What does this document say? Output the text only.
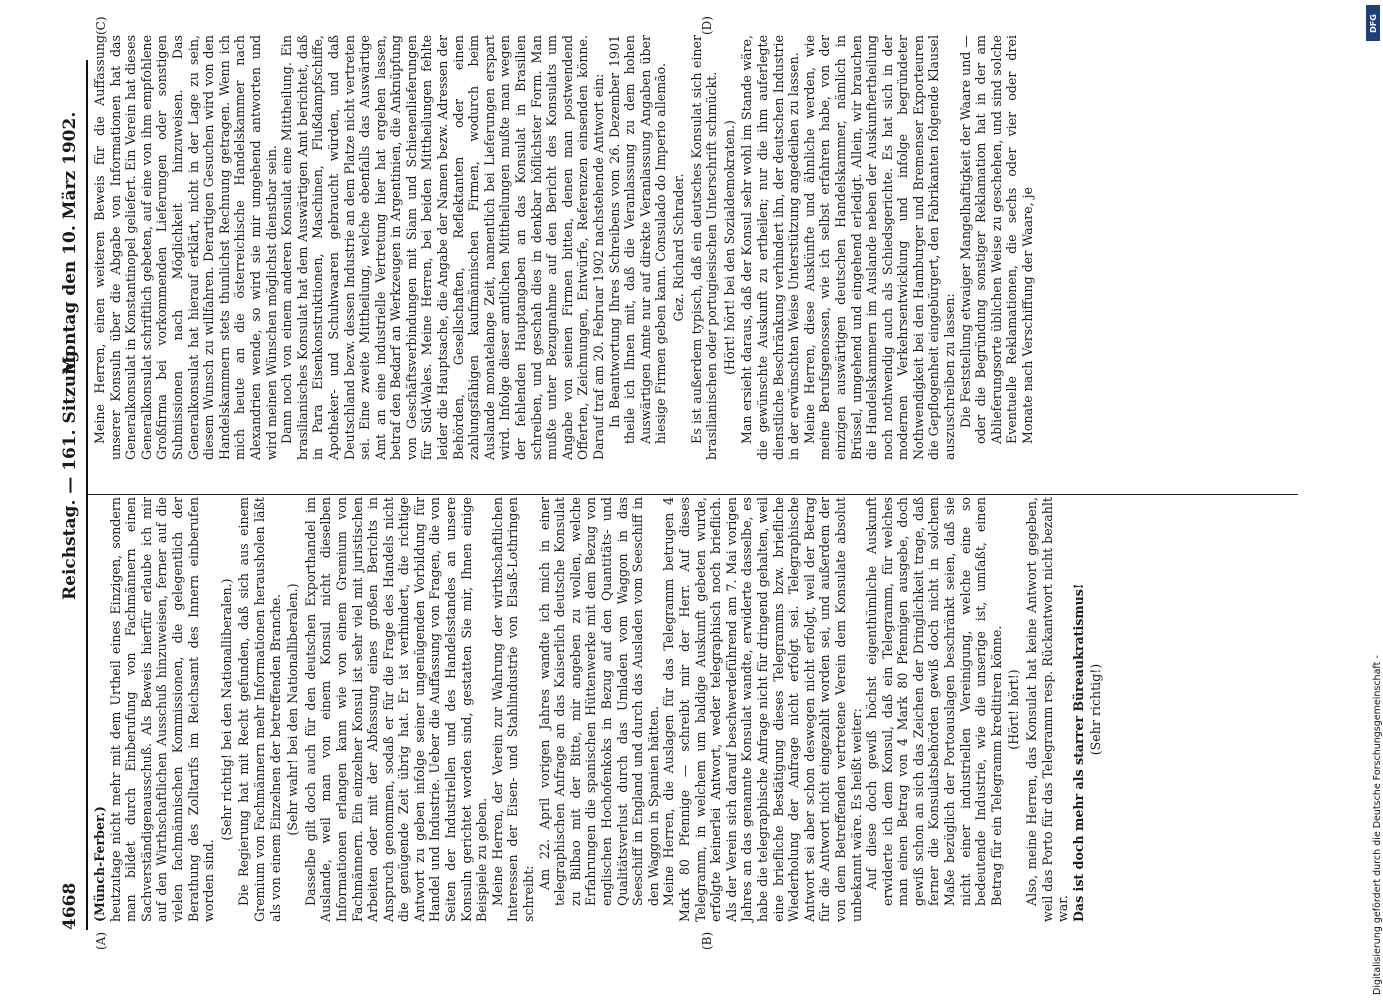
4668
Reichstag. — 161. Sitzung.
Montag den 10. März 1902.
(A)	(B)
(C)	(D)

(Münch-Ferber.) heutzutage nicht mehr mit dem Urtheil eines Einzigen, sondern man bildet durch Einberufung von Fachmännern einen Sachverständigenausschuß. Als Beweis hierfür erlaube ich mir auf den Wirthschaftlichen Ausschuß hinzuweisen, ferner auf die vielen fachmännischen Kommissionen, die gelegentlich der Berathung des Zolltarifs im Reichsamt des Innern einberufen worden sind.

(Sehr richtig! bei den Nationalliberalen.) Die Regierung hat mit Recht gefunden, daß sich aus einem Gremium von Fachmännern mehr Informationen herausholen läßt als von einem Einzelnen der betreffenden Branche. (Sehr wahr! bei den Nationalliberalen.) Dasselbe gilt doch auch für den deutschen Exporthandel im Auslande, weil man von einem Konsul nicht dieselben Informationen erlangen kann wie von einem Gremium von Fachmännern. Ein einzelner Konsul ist sehr viel mit juristischen Arbeiten oder mit der Abfassung eines großen Berichts in Anspruch genommen, sodaß er für die Frage des Handels nicht die genügende Zeit übrig hat. Er ist verhindert, die richtige Antwort zu geben infolge seiner ungenügenden Vorbildung für Handel und Industrie. Ueber die Auffassung von Fragen, die von Seiten der Industriellen und des Handelsstandes an unsere Konsuln gerichtet worden sind, gestatten Sie mir, Ihnen einige Beispiele zu geben. Meine Herren, der Verein zur Wahrung der wirthschaftlichen Interessen der Eisen- und Stahlindustrie von Elsaß-Lothringen schreibt:

Am 22. April vorigen Jahres wandte ich mich in einer telegraphischen Anfrage an das Kaiserlich deutsche Konsulat zu Bilbao mit der Bitte, mir angeben zu wollen, welche Erfahrungen die spanischen Hüttenwerke mit dem Bezug von englischen Hochofenkoks in Bezug auf den Quantitäts- und Qualitätsverlust durch das Umladen vom Waggon in das Seeschiff in England und durch das Ausladen vom Seeschiff in den Waggon in Spanien hätten. Meine Herren, die Auslagen für das Telegramm betrugen 4 Mark 80 Pfennige — schreibt mir der Herr. Auf dieses Telegramm, in welchem um baldige Auskunft gebeten wurde, erfolgte keinerlei Antwort, weder telegraphisch noch brieflich. Als der Verein sich darauf beschwerdeführend am 7. Mai vorigen Jahres an das genannte Konsulat wandte, erwiderte dasselbe, es habe die telegraphische Anfrage nicht für dringend gehalten, weil eine briefliche Bestätigung dieses Telegramms bzw. briefliche Wiederholung der Anfrage nicht erfolgt sei. Telegraphische Antwort sei aber schon deswegen nicht erfolgt, weil der Betrag für die Antwort nicht eingezahlt worden sei, und außerdem der von dem Betreffenden vertretene Verein dem Konsulate absolut unbekannt wäre. Es heißt weiter: Auf diese doch gewiß höchst eigenthümliche Auskunft erwiderte ich dem Konsul, daß ein Telegramm, für welches man einen Betrag von 4 Mark 80 Pfennigen ausgebe, doch gewiß schon an sich das Zeichen der Dringlichkeit trage, daß ferner die Konsulatsbehörden gewiß doch nicht in solchem Maße bezüglich der Portoauslagen beschränkt seien, daß sie nicht einer industriellen Vereinigung, welche eine so bedeutende Industrie, wie die unserige ist, umfaßt, einen Betrag für ein Telegramm kreditiren könne. (Hört! hört!) Also, meine Herren, das Konsulat hat keine Antwort gegeben, weil das Porto für das Telegramm resp. Rückantwort nicht bezahlt war. Das ist doch mehr als starrer Büreaukratismus! (Sehr richtig!)

Meine Herren, einen weiteren Beweis für die Auffassung unserer Konsuln über die Abgabe von Informationen hat das Generalkonsulat in Konstantinopel geliefert. Ein Verein hat dieses Generalkonsulat schriftlich gebeten, auf eine von ihm empfohlene Großfirma bei vorkommenden Lieferungen oder sonstigen Submissionen nach Möglichkeit hinzuweisen. Das Generalkonsulat hat hierauf erklärt, nicht in der Lage zu sein, diesem Wunsch zu willfahren. Derartigen Gesuchen wird von den Handelskammern stets thunlichst Rechnung getragen. Wenn ich mich heute an die österreichische Handelskammer nach Alexandrien wende, so wird sie mir umgehend antworten und wird meinen Wünschen möglichst dienstbar sein. Dann noch von einem anderen Konsulat eine Mittheilung. Ein brasilianisches Konsulat hat dem Auswärtigen Amt berichtet, daß in Para Eisenkonstruktionen, Maschinen, Flußdampfschiffe, Apotheker- und Schuhwaaren gebraucht würden, und daß Deutschland bezw. dessen Industrie an dem Platze nicht vertreten sei. Eine zweite Mittheilung, welche ebenfalls das Auswärtige Amt an eine industrielle Vertretung hier hat ergehen lassen, betraf den Bedarf an Werkzeugen in Argentinien, die Anknüpfung von Geschäftsverbindungen mit Siam und Schienenlieferungen für Süd-Wales. Meine Herren, bei beiden Mittheilungen fehlte leider die Hauptsache, die Angabe der Namen bezw. Adressen der Behörden, Gesellschaften, Reflektanten oder einen zahlungsfähigen kaufmännischen Firmen, wodurch beim Auslande monatelange Zeit, namentlich bei Lieferungen erspart wird. Infolge dieser amtlichen Mittheilungen mußte man wegen der fehlenden Hauptangaben an das Konsulat in Brasilien schreiben, und geschah dies in denkbar höflichster Form. Man mußte unter Bezugnahme auf den Bericht des Konsulats um Angabe von seinen Firmen bitten, denen man postwendend Offerten, Zeichnungen, Entwürfe, Referenzen einsenden könne. Darauf traf am 20. Februar 1902 nachstehende Antwort ein: In Beantwortung Ihres Schreibens vom 26. Dezember 1901 theile ich Ihnen mit, daß die Veranlassung zu dem hohen Auswärtigen Amte nur auf direkte Veranlassung Angaben über hiesige Firmen geben kann. Consulado do Imperio allemão. Gez. Richard Schrader. Es ist außerdem typisch, daß ein deutsches Konsulat sich einer brasilianischen oder portugiesischen Unterschrift schmückt. (Hört! hört! bei den Sozialdemokraten.) Man ersieht daraus, daß der Konsul sehr wohl im Stande wäre, die gewünschte Auskunft zu ertheilen; nur die ihm auferlegte dienstliche Beschränkung verhindert ihn, der deutschen Industrie in der erwünschten Weise Unterstützung angedeihen zu lassen. Meine Herren, diese Auskünfte und ähnliche werden, wie meine Berufsgenossen, wie ich selbst erfahren habe, von der einzigen auswärtigen deutschen Handelskammer, nämlich in Brüssel, umgehend und eingehend erledigt. Allein, wir brauchen die Handelskammern im Auslande neben der Auskunftertheilung noch nothwendig auch als Schiedsgerichte. Es hat sich in der modernen Verkehrsentwicklung und infolge begründeter Nothwendigkeit bei den Hamburger und Bremenser Exporteuren die Gepflogenheit eingebürgert, den Fabrikanten folgende Klausel auszuschreiben zu lassen: Die Feststellung etwaiger Mangelhaftigkeit der Waare und — oder die Begründung sonstiger Reklamation hat in der am Ablieferungsorte üblichen Weise zu geschehen, und sind solche Eventuelle Reklamationen, die sechs oder vier oder drei Monate nach Verschiffung der Waare, je

Digitalisierung gefördert durch die Deutsche Forschungsgemeinschaft -
DFG
